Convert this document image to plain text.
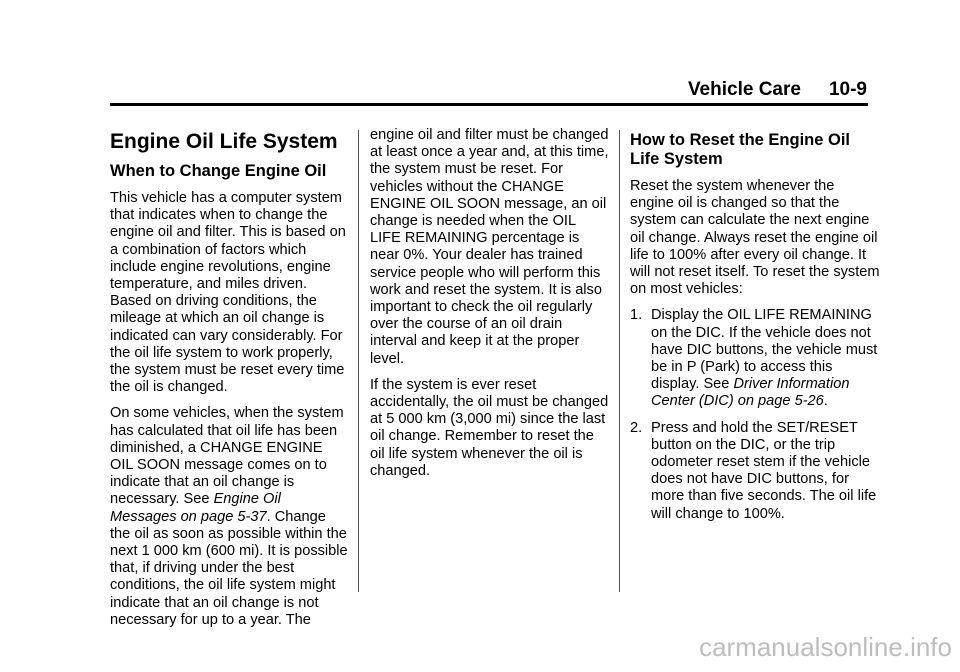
Vehicle Care 10-9
Engine Oil Life System
When to Change Engine Oil

This vehicle has a computer system that indicates when to change the engine oil and filter. This is based on a combination of factors which include engine revolutions, engine temperature, and miles driven. Based on driving conditions, the mileage at which an oil change is indicated can vary considerably. For the oil life system to work properly, the system must be reset every time the oil is changed.

On some vehicles, when the system has calculated that oil life has been diminished, a CHANGE ENGINE OIL SOON message comes on to indicate that an oil change is necessary. See Engine Oil Messages on page 5-37. Change the oil as soon as possible within the next 1 000 km (600 mi). It is possible that, if driving under the best conditions, the oil life system might indicate that an oil change is not necessary for up to a year. The

engine oil and filter must be changed at least once a year and, at this time, the system must be reset. For vehicles without the CHANGE ENGINE OIL SOON message, an oil change is needed when the OIL LIFE REMAINING percentage is near 0%. Your dealer has trained service people who will perform this work and reset the system. It is also important to check the oil regularly over the course of an oil drain interval and keep it at the proper level.

If the system is ever reset accidentally, the oil must be changed at 5 000 km (3,000 mi) since the last oil change. Remember to reset the oil life system whenever the oil is changed.

How to Reset the Engine Oil Life System

Reset the system whenever the engine oil is changed so that the system can calculate the next engine oil change. Always reset the engine oil life to 100% after every oil change. It will not reset itself. To reset the system on most vehicles:

1. Display the OIL LIFE REMAINING on the DIC. If the vehicle does not have DIC buttons, the vehicle must be in P (Park) to access this display. See Driver Information Center (DIC) on page 5-26.
2. Press and hold the SET/RESET button on the DIC, or the trip odometer reset stem if the vehicle does not have DIC buttons, for more than five seconds. The oil life will change to 100%.
carmanualsonline.info
